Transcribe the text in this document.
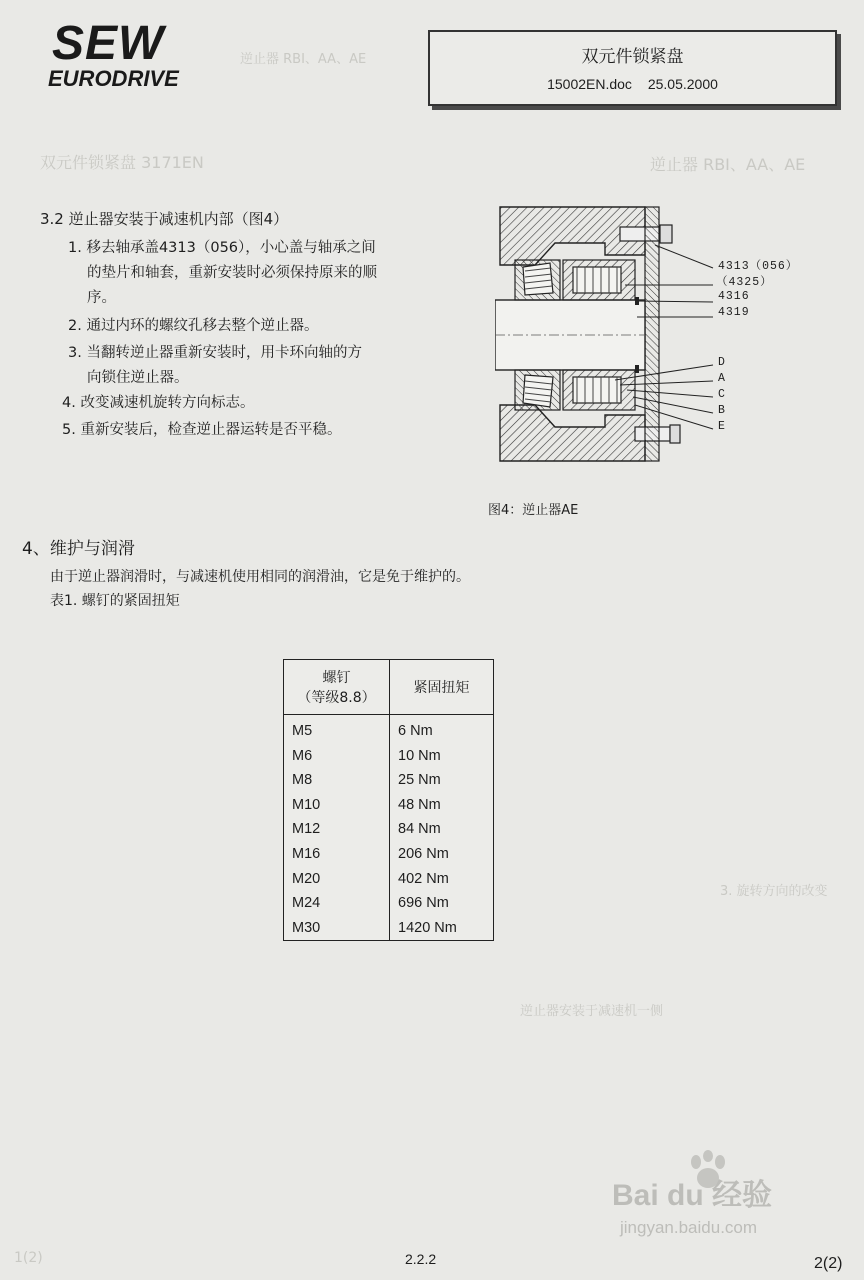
逆止器 RBI、AA、AE
双元件锁紧盘 3171EN	逆止器 RBI、AA、AE
3. 旋转方向的改变
逆止器安装于减速机一侧
1(2)
SEW
EURODRIVE
双元件锁紧盘
15002EN.doc 25.05.2000
3.2 逆止器安装于减速机内部（图4）
1. 移去轴承盖4313（056），小心盖与轴承之间
的垫片和轴套，重新安装时必须保持原来的顺
序。
2. 通过内环的螺纹孔移去整个逆止器。
3. 当翻转逆止器重新安装时，用卡环向轴的方
向锁住逆止器。
4. 改变减速机旋转方向标志。
5. 重新安装后，检查逆止器运转是否平稳。
4313（056）
（4325）
4316
4319
D
A
C
B
E
图4：逆止器AE
4、维护与润滑
由于逆止器润滑时，与减速机使用相同的润滑油，它是免于维护的。
表1. 螺钉的紧固扭矩
螺钉
（等级8.8）	紧固扭矩
M5	6 Nm
M6	10 Nm
M8	25 Nm
M10	48 Nm
M12	84 Nm
M16	206 Nm
M20	402 Nm
M24	696 Nm
M30	1420 Nm
Bai du 经验
jingyan.baidu.com
2.2.2	2(2)
